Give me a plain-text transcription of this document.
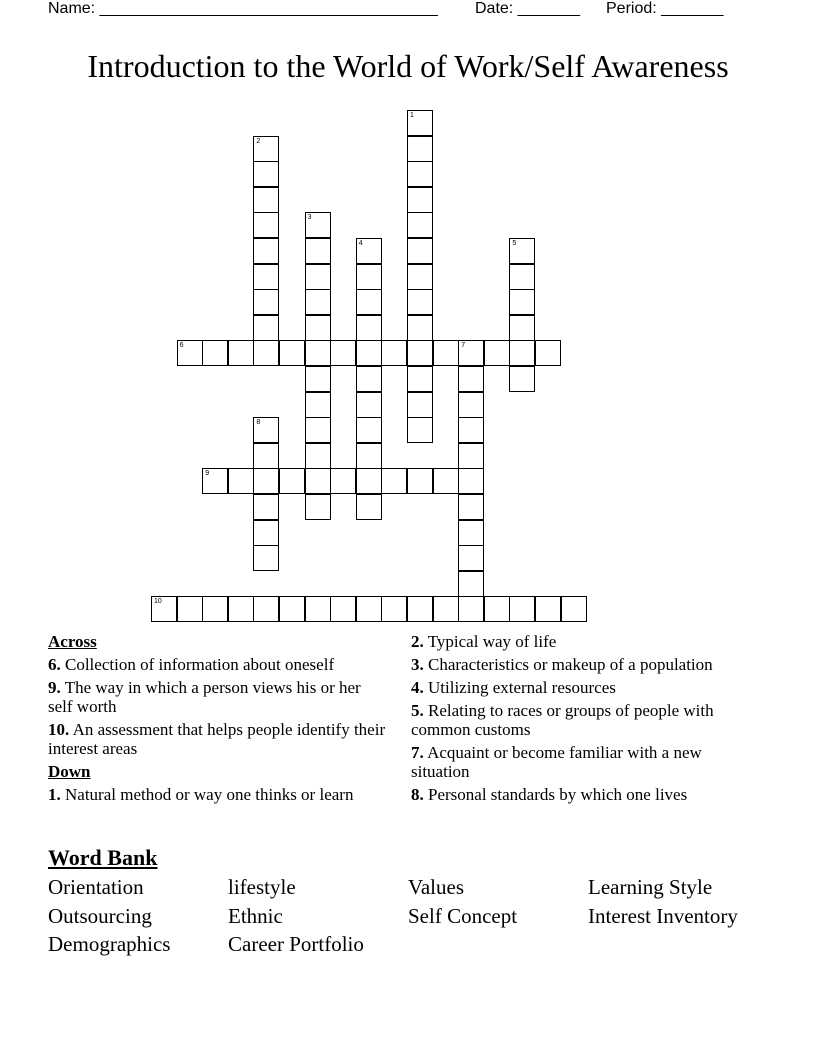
Name: ______________________________________ Date: _______ Period: _______
Introduction to the World of Work/Self Awareness
1
2
3
4	5
6	7
8
9
10
Across
6. Collection of information about oneself
9. The way in which a person views his or her self worth
10. An assessment that helps people identify their interest areas
Down
1. Natural method or way one thinks or learn
2. Typical way of life
3. Characteristics or makeup of a population
4. Utilizing external resources
5. Relating to races or groups of people with common customs
7. Acquaint or become familiar with a new situation
8. Personal standards by which one lives
Word Bank
Orientation	lifestyle	Values	Learning Style
Outsourcing	Ethnic	Self Concept	Interest Inventory
Demographics	Career Portfolio
